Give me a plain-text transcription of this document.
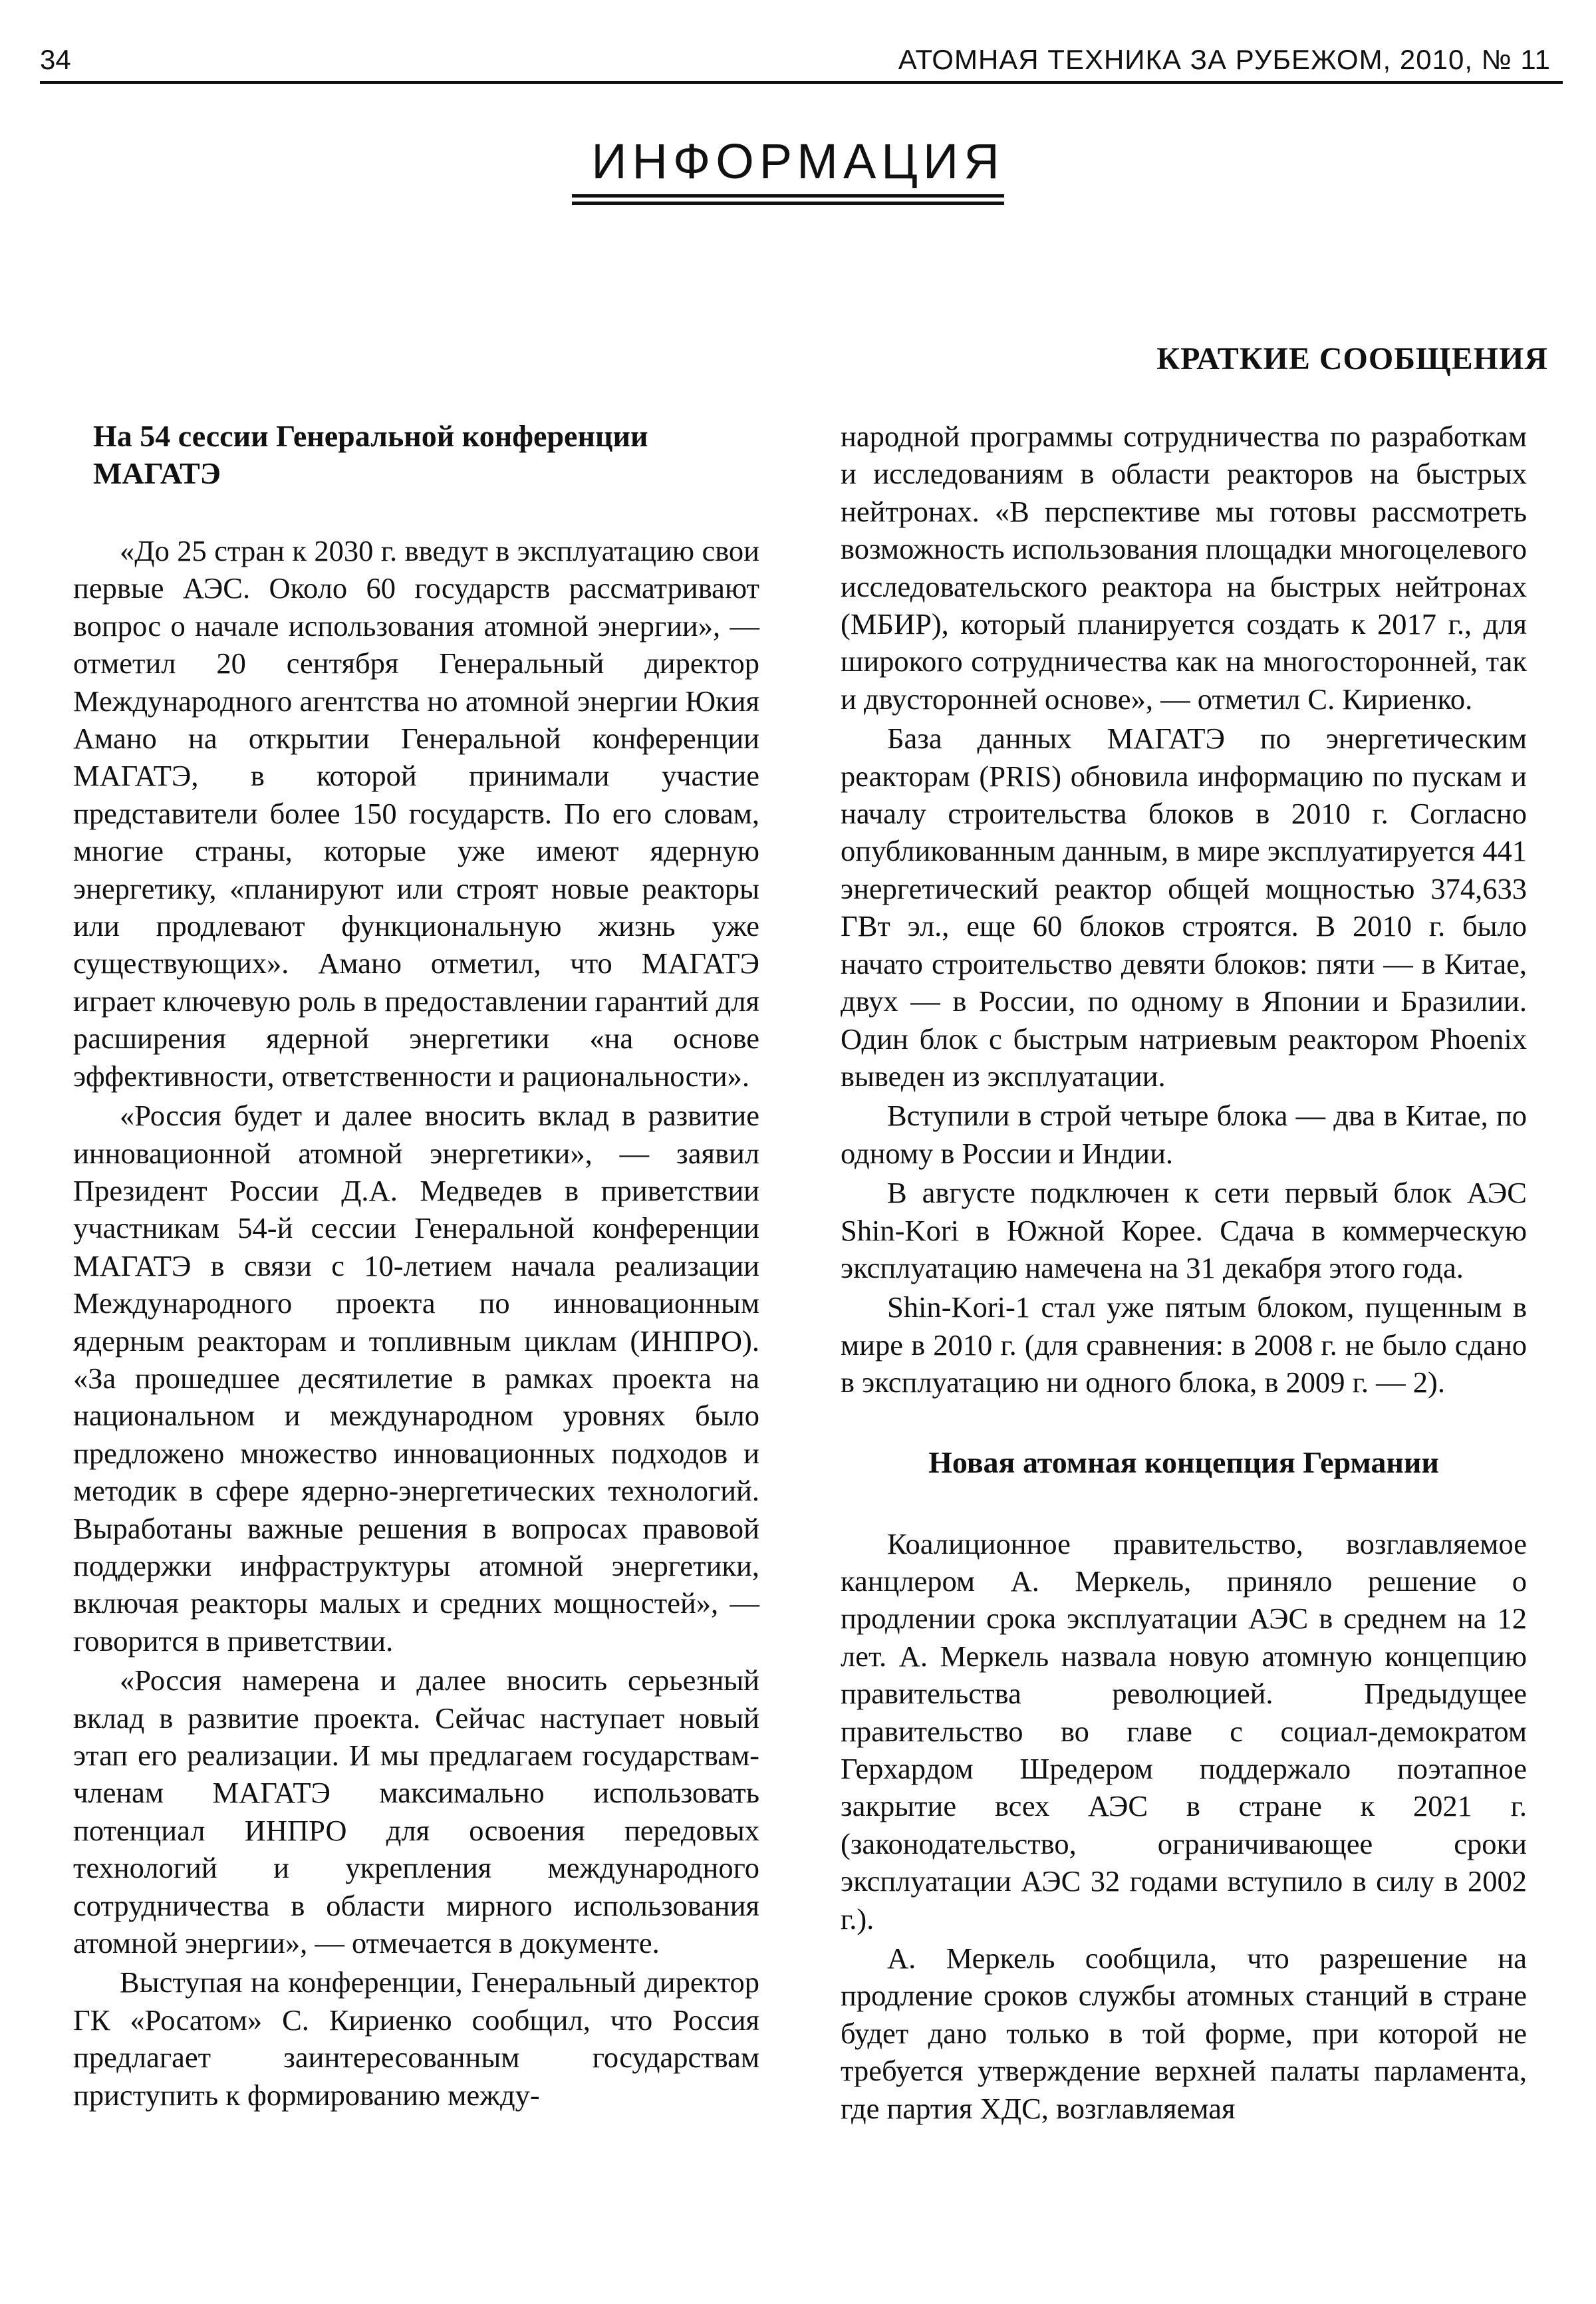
34	АТОМНАЯ ТЕХНИКА ЗА РУБЕЖОМ, 2010, № 11
ИНФОРМАЦИЯ
КРАТКИЕ СООБЩЕНИЯ
На 54 сессии Генеральной конференции МАГАТЭ

«До 25 стран к 2030 г. введут в эксплуатацию свои первые АЭС. Около 60 государств рассматривают вопрос о начале использования атомной энергии», — отметил 20 сентября Генеральный директор Международного агентства но атомной энергии Юкия Амано на открытии Генеральной конференции МАГАТЭ, в которой принимали участие представители более 150 государств. По его словам, многие страны, которые уже имеют ядерную энергетику, «планируют или строят новые реакторы или продлевают функциональную жизнь уже существующих». Амано отметил, что МАГАТЭ играет ключевую роль в предоставлении гарантий для расширения ядерной энергетики «на основе эффективности, ответственности и рациональности».

«Россия будет и далее вносить вклад в развитие инновационной атомной энергетики», — заявил Президент России Д.А. Медведев в приветствии участникам 54-й сессии Генеральной конференции МАГАТЭ в связи с 10-летием начала реализации Международного проекта по инновационным ядерным реакторам и топливным циклам (ИНПРО). «За прошедшее десятилетие в рамках проекта на национальном и международном уровнях было предложено множество инновационных подходов и методик в сфере ядерно-энергетических технологий. Выработаны важные решения в вопросах правовой поддержки инфраструктуры атомной энергетики, включая реакторы малых и средних мощностей», — говорится в приветствии.

«Россия намерена и далее вносить серьезный вклад в развитие проекта. Сейчас наступает новый этап его реализации. И мы предлагаем государствам-членам МАГАТЭ максимально использовать потенциал ИНПРО для освоения передовых технологий и укрепления международного сотрудничества в области мирного использования атомной энергии», — отмечается в документе.

Выступая на конференции, Генеральный директор ГК «Росатом» С. Кириенко сообщил, что Россия предлагает заинтересованным государствам приступить к формированию между-

народной программы сотрудничества по разработкам и исследованиям в области реакторов на быстрых нейтронах. «В перспективе мы готовы рассмотреть возможность использования площадки многоцелевого исследовательского реактора на быстрых нейтронах (МБИР), который планируется создать к 2017 г., для широкого сотрудничества как на многосторонней, так и двусторонней основе», — отметил С. Кириенко.

База данных МАГАТЭ по энергетическим реакторам (PRIS) обновила информацию по пускам и началу строительства блоков в 2010 г. Согласно опубликованным данным, в мире эксплуатируется 441 энергетический реактор общей мощностью 374,633 ГВт эл., еще 60 блоков строятся. В 2010 г. было начато строительство девяти блоков: пяти — в Китае, двух — в России, по одному в Японии и Бразилии. Один блок с быстрым натриевым реактором Phoenix выведен из эксплуатации.

Вступили в строй четыре блока — два в Китае, по одному в России и Индии.

В августе подключен к сети первый блок АЭС Shin-Kori в Южной Корее. Сдача в коммерческую эксплуатацию намечена на 31 декабря этого года.

Shin-Kori-1 стал уже пятым блоком, пущенным в мире в 2010 г. (для сравнения: в 2008 г. не было сдано в эксплуатацию ни одного блока, в 2009 г. — 2).

Новая атомная концепция Германии

Коалиционное правительство, возглавляемое канцлером А. Меркель, приняло решение о продлении срока эксплуатации АЭС в среднем на 12 лет. А. Меркель назвала новую атомную концепцию правительства революцией. Предыдущее правительство во главе с социал-демократом Герхардом Шредером поддержало поэтапное закрытие всех АЭС в стране к 2021 г. (законодательство, ограничивающее сроки эксплуатации АЭС 32 годами вступило в силу в 2002 г.).

А. Меркель сообщила, что разрешение на продление сроков службы атомных станций в стране будет дано только в той форме, при которой не требуется утверждение верхней палаты парламента, где партия ХДС, возглавляемая
